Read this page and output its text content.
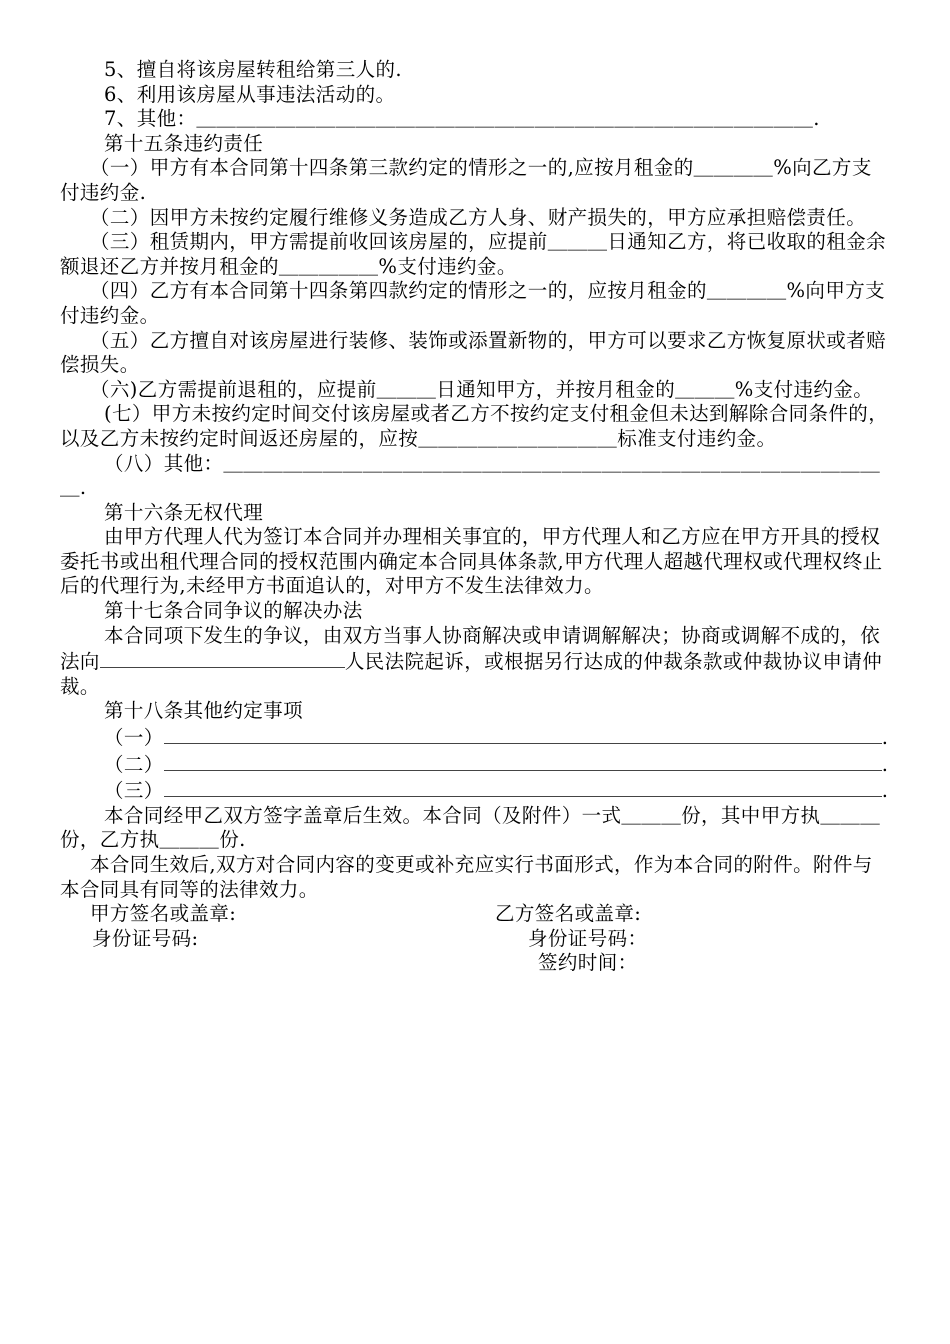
5、擅自将该房屋转租给第三人的.

6、利用该房屋从事违法活动的。

7、其他：＿＿＿＿＿＿＿＿＿＿＿＿＿＿＿＿＿＿＿＿＿＿＿＿＿＿＿＿＿＿＿.

第十五条违约责任

（一）甲方有本合同第十四条第三款约定的情形之一的,应按月租金的＿＿＿＿%向乙方支付违约金.

（二）因甲方未按约定履行维修义务造成乙方人身、财产损失的，甲方应承担赔偿责任。

（三）租赁期内，甲方需提前收回该房屋的，应提前＿＿＿日通知乙方，将已收取的租金余额退还乙方并按月租金的＿＿＿＿＿%支付违约金。

（四）乙方有本合同第十四条第四款约定的情形之一的，应按月租金的＿＿＿＿%向甲方支付违约金。

（五）乙方擅自对该房屋进行装修、装饰或添置新物的，甲方可以要求乙方恢复原状或者赔偿损失。

（六)乙方需提前退租的，应提前＿＿＿日通知甲方，并按月租金的＿＿＿%支付违约金。

(七）甲方未按约定时间交付该房屋或者乙方不按约定支付租金但未达到解除合同条件的，以及乙方未按约定时间返还房屋的，应按＿＿＿＿＿＿＿＿＿＿标准支付违约金。

（八）其他：＿＿＿＿＿＿＿＿＿＿＿＿＿＿＿＿＿＿＿＿＿＿＿＿＿＿＿＿＿＿＿＿＿＿.

第十六条无权代理

由甲方代理人代为签订本合同并办理相关事宜的，甲方代理人和乙方应在甲方开具的授权委托书或出租代理合同的授权范围内确定本合同具体条款,甲方代理人超越代理权或代理权终止后的代理行为,未经甲方书面追认的，对甲方不发生法律效力。

第十七条合同争议的解决办法

本合同项下发生的争议，由双方当事人协商解决或申请调解解决；协商或调解不成的，依法向	人民法院起诉，或根据另行达成的仲裁条款或仲裁协议申请仲裁。

第十八条其他约定事项

（一）	.

（二）	.

（三）	.

本合同经甲乙双方签字盖章后生效。本合同（及附件）一式＿＿＿份，其中甲方执＿＿＿份，乙方执＿＿＿份.

本合同生效后,双方对合同内容的变更或补充应实行书面形式，作为本合同的附件。附件与本合同具有同等的法律效力。

甲方签名或盖章:	乙方签名或盖章:
身份证号码:	身份证号码：
签约时间：
